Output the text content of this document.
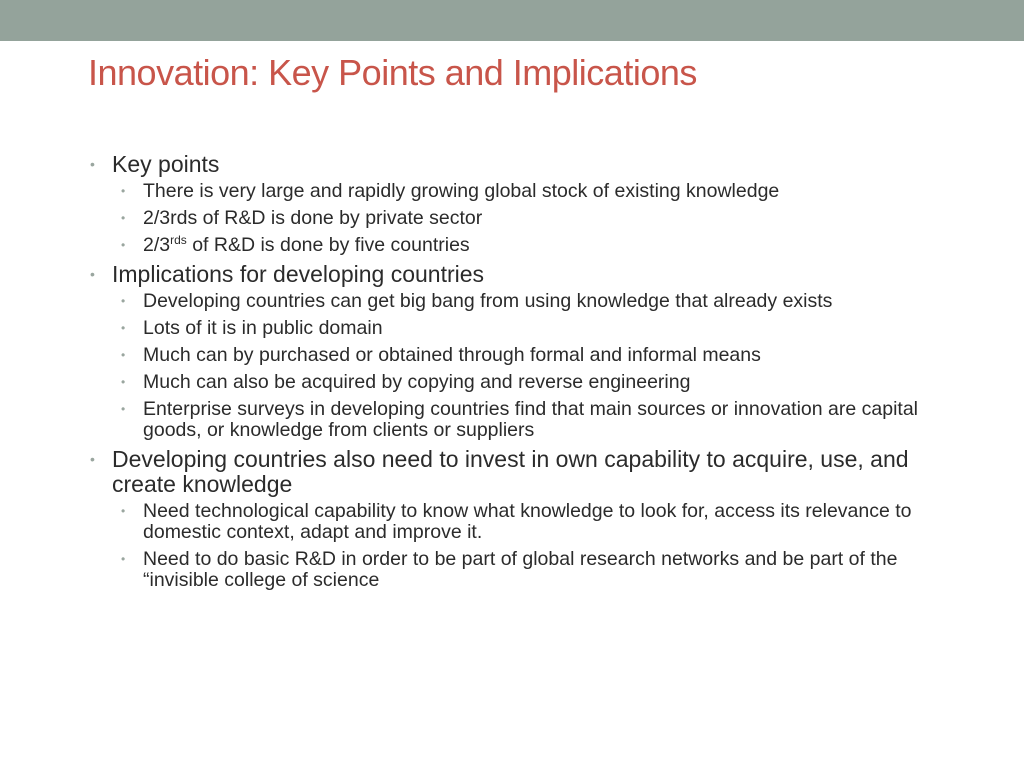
Innovation: Key Points and Implications
• Key points
• There is very large and rapidly growing global stock of existing knowledge
• 2/3rds of R&D is done by private sector
• $2/3^{rds}$ of R&D is done by five countries
• Implications for developing countries
• Developing countries can get big bang from using knowledge that already exists
• Lots of it is in public domain
• Much can by purchased or obtained through formal and informal means
• Much can also be acquired by copying and reverse engineering
• Enterprise surveys in developing countries find that main sources or innovation are capital goods, or knowledge from clients or suppliers
• Developing countries also need to invest in own capability to acquire, use, and create knowledge
• Need technological capability to know what knowledge to look for, access its relevance to domestic context, adapt and improve it.
• Need to do basic R&D in order to be part of global research networks and be part of the “invisible college of science
